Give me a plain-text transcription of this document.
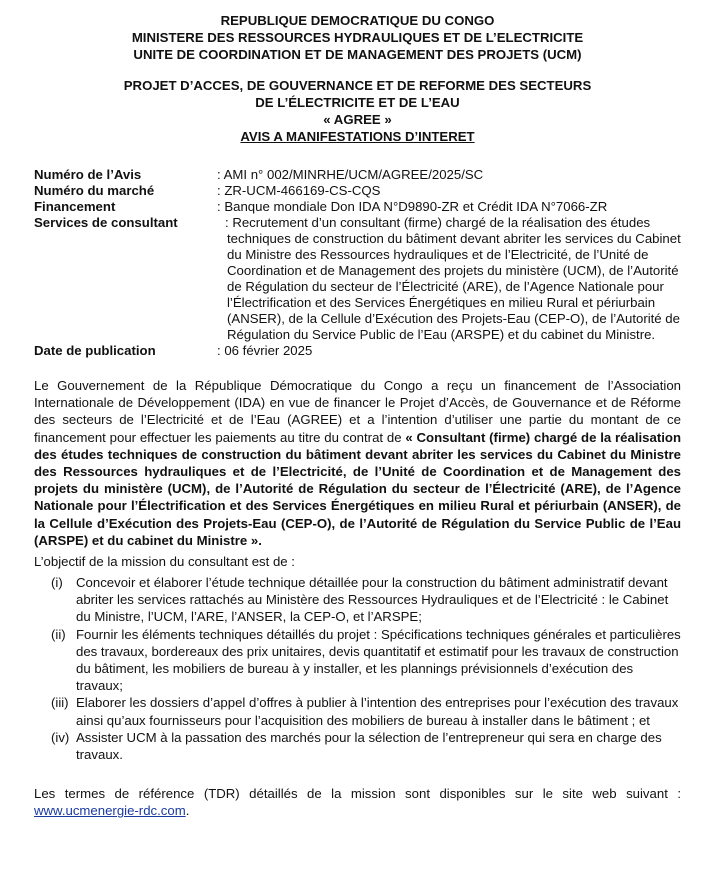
REPUBLIQUE DEMOCRATIQUE DU CONGO
MINISTERE DES RESSOURCES HYDRAULIQUES ET DE L’ELECTRICITE
UNITE DE COORDINATION ET DE MANAGEMENT DES PROJETS (UCM)
PROJET D’ACCES, DE GOUVERNANCE ET DE REFORME DES SECTEURS
DE L’ÉLECTRICITE ET DE L’EAU
« AGREE »
AVIS A MANIFESTATIONS D’INTERET
Numéro de l’Avis	: AMI n° 002/MINRHE/UCM/AGREE/2025/SC
Numéro du marché	: ZR-UCM-466169-CS-CQS
Financement	: Banque mondiale Don IDA N°D9890-ZR et Crédit IDA N°7066-ZR
Services de consultant	: Recrutement d’un consultant (firme) chargé de la réalisation des études techniques de construction du bâtiment devant abriter les services du Cabinet du Ministre des Ressources hydrauliques et de l’Electricité, de l’Unité de Coordination et de Management des projets du ministère (UCM), de l’Autorité de Régulation du secteur de l’Électricité (ARE), de l’Agence Nationale pour l’Électrification et des Services Énergétiques en milieu Rural et périurbain (ANSER), de la Cellule d’Exécution des Projets-Eau (CEP-O), de l’Autorité de Régulation du Service Public de l’Eau (ARSPE) et du cabinet du Ministre.
Date de publication	: 06 février 2025
Le Gouvernement de la République Démocratique du Congo a reçu un financement de l’Association Internationale de Développement (IDA) en vue de financer le Projet d’Accès, de Gouvernance et de Réforme des secteurs de l’Electricité et de l’Eau (AGREE) et a l’intention d’utiliser une partie du montant de ce financement pour effectuer les paiements au titre du contrat de « Consultant (firme) chargé de la réalisation des études techniques de construction du bâtiment devant abriter les services du Cabinet du Ministre des Ressources hydrauliques et de l’Electricité, de l’Unité de Coordination et de Management des projets du ministère (UCM), de l’Autorité de Régulation du secteur de l’Électricité (ARE), de l’Agence Nationale pour l’Électrification et des Services Énergétiques en milieu Rural et périurbain (ANSER), de la Cellule d’Exécution des Projets-Eau (CEP-O), de l’Autorité de Régulation du Service Public de l’Eau (ARSPE) et du cabinet du Ministre ».
L’objectif de la mission du consultant est de :
(i)	Concevoir et élaborer l’étude technique détaillée pour la construction du bâtiment administratif devant abriter les services rattachés au Ministère des Ressources Hydrauliques et de l’Electricité : le Cabinet du Ministre, l’UCM, l’ARE, l’ANSER, la CEP-O, et l’ARSPE;
(ii) Fournir les éléments techniques détaillés du projet : Spécifications techniques générales et particulières des travaux, bordereaux des prix unitaires, devis quantitatif et estimatif pour les travaux de construction du bâtiment, les mobiliers de bureau à y installer, et les plannings prévisionnels d’exécution des travaux;
(iii) Elaborer les dossiers d’appel d’offres à publier à l’intention des entreprises pour l’exécution des travaux ainsi qu’aux fournisseurs pour l’acquisition des mobiliers de bureau à installer dans le bâtiment ; et
(iv) Assister UCM à la passation des marchés pour la sélection de l’entrepreneur qui sera en charge des travaux.
Les termes de référence (TDR) détaillés de la mission sont disponibles sur le site web suivant : www.ucmenergie-rdc.com.
